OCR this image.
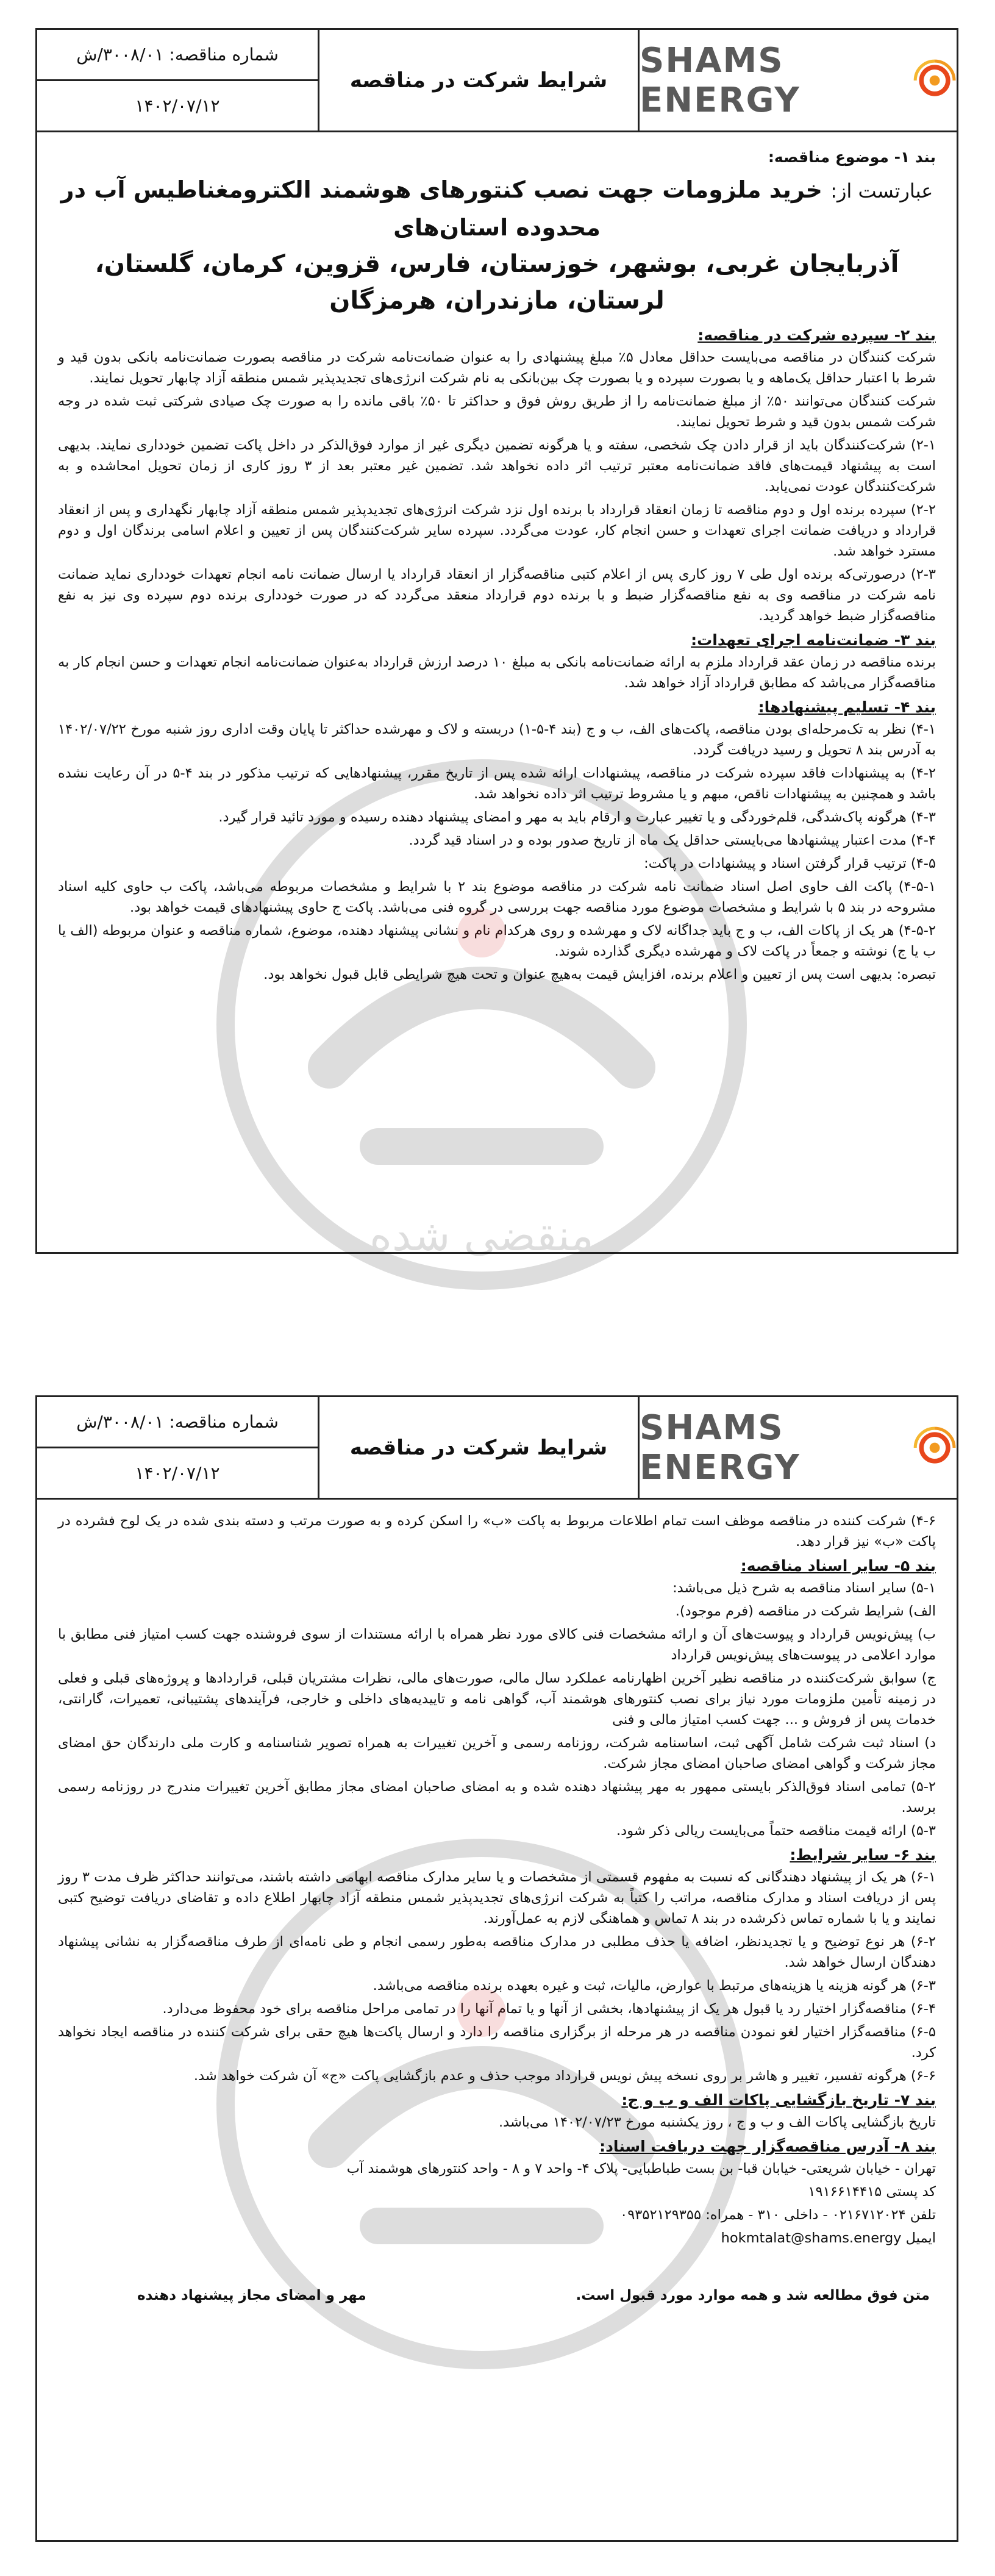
SHAMS ENERGY
شرایط شرکت در مناقصه
شماره مناقصه: ۳۰۰۸/۰۱/ش
۱۴۰۲/۰۷/۱۲
بند ۱- موضوع مناقصه:
عبارتست از: خرید ملزومات جهت نصب کنتورهای هوشمند الکترومغناطیس آب در محدوده استان‌های
آذربایجان غربی، بوشهر، خوزستان، فارس، قزوین، کرمان، گلستان، لرستان، مازندران، هرمزگان
بند ۲- سپرده شرکت در مناقصه:

شرکت کنندگان در مناقصه می‌بایست حداقل معادل ۵٪ مبلغ پیشنهادی را به عنوان ضمانت‌نامه شرکت در مناقصه بصورت ضمانت‌نامه بانکی بدون قید و شرط با اعتبار حداقل یک‌ماهه و یا بصورت سپرده و یا بصورت چک بین‌بانکی به نام شرکت انرژی‌های تجدیدپذیر شمس منطقه آزاد چابهار تحویل نمایند.

شرکت کنندگان می‌توانند ۵۰٪ از مبلغ ضمانت‌نامه را از طریق روش فوق و حداکثر تا ۵۰٪ باقی مانده را به صورت چک صیادی شرکتی ثبت شده در وجه شرکت شمس بدون قید و شرط تحویل نمایند.

۲-۱) شرکت‌کنندگان باید از قرار دادن چک شخصی، سفته و یا هرگونه تضمین دیگری غیر از موارد فوق‌الذکر در داخل پاکت تضمین خودداری نمایند. بدیهی است به پیشنهاد قیمت‌های فاقد ضمانت‌نامه معتبر ترتیب اثر داده نخواهد شد. تضمین غیر معتبر بعد از ۳ روز کاری از زمان تحویل امحاشده و به شرکت‌کنندگان عودت نمی‌یابد.

۲-۲) سپرده برنده اول و دوم مناقصه تا زمان انعقاد قرارداد با برنده اول نزد شرکت انرژی‌های تجدیدپذیر شمس منطقه آزاد چابهار نگهداری و پس از انعقاد قرارداد و دریافت ضمانت اجرای تعهدات و حسن انجام کار، عودت می‌گردد. سپرده سایر شرکت‌کنندگان پس از تعیین و اعلام اسامی برندگان اول و دوم مسترد خواهد شد.

۲-۳) درصورتی‌که برنده اول طی ۷ روز کاری پس از اعلام کتبی مناقصه‌گزار از انعقاد قرارداد یا ارسال ضمانت نامه انجام تعهدات خودداری نماید ضمانت نامه شرکت در مناقصه وی به نفع مناقصه‌گزار ضبط و با برنده دوم قرارداد منعقد می‌گردد که در صورت خودداری برنده دوم سپرده وی نیز به نفع مناقصه‌گزار ضبط خواهد گردید.

بند ۳- ضمانت‌نامه اجرای تعهدات:

برنده مناقصه در زمان عقد قرارداد ملزم به ارائه ضمانت‌نامه بانکی به مبلغ ۱۰ درصد ارزش قرارداد به‌عنوان ضمانت‌نامه انجام تعهدات و حسن انجام کار به مناقصه‌گزار می‌باشد که مطابق قرارداد آزاد خواهد شد.

بند ۴- تسلیم پیشنهادها:

۴-۱) نظر به تک‌مرحله‌ای بودن مناقصه، پاکت‌های الف، ب و ج (بند ۴-۵-۱) دربسته و لاک و مهرشده حداکثر تا پایان وقت اداری روز شنبه مورخ ۱۴۰۲/۰۷/۲۲ به آدرس بند ۸ تحویل و رسید دریافت گردد.

۴-۲) به پیشنهادات فاقد سپرده شرکت در مناقصه، پیشنهادات ارائه شده پس از تاریخ مقرر، پیشنهادهایی که ترتیب مذکور در بند ۴-۵ در آن رعایت نشده باشد و همچنین به پیشنهادات ناقص، مبهم و یا مشروط ترتیب اثر داده نخواهد شد.

۴-۳) هرگونه پاک‌شدگی، قلم‌خوردگی و یا تغییر عبارت و ارقام باید به مهر و امضای پیشنهاد دهنده رسیده و مورد تائید قرار گیرد.

۴-۴) مدت اعتبار پیشنهادها می‌بایستی حداقل یک ماه از تاریخ صدور بوده و در اسناد قید گردد.

۴-۵) ترتیب قرار گرفتن اسناد و پیشنهادات در پاکت:

۴-۵-۱) پاکت الف حاوی اصل اسناد ضمانت نامه شرکت در مناقصه موضوع بند ۲ با شرایط و مشخصات مربوطه می‌باشد، پاکت ب حاوی کلیه اسناد مشروحه در بند ۵ با شرایط و مشخصات موضوع مورد مناقصه جهت بررسی در گروه فنی می‌باشد. پاکت ج حاوی پیشنهادهای قیمت خواهد بود.

۴-۵-۲) هر یک از پاکات الف، ب و ج باید جداگانه لاک و مهرشده و روی هرکدام نام و نشانی پیشنهاد دهنده، موضوع، شماره مناقصه و عنوان مربوطه (الف یا ب یا ج) نوشته و جمعاً در پاکت لاک و مهرشده دیگری گذارده شوند.

تبصره: بدیهی است پس از تعیین و اعلام برنده، افزایش قیمت به‌هیچ عنوان و تحت هیچ شرایطی قابل قبول نخواهد بود.

SHAMS ENERGY
شرایط شرکت در مناقصه
شماره مناقصه: ۳۰۰۸/۰۱/ش
۱۴۰۲/۰۷/۱۲

۴-۶) شرکت کننده در مناقصه موظف است تمام اطلاعات مربوط به پاکت «ب» را اسکن کرده و به صورت مرتب و دسته بندی شده در یک لوح فشرده در پاکت «ب» نیز قرار دهد.

بند ۵- سایر اسناد مناقصه:

۵-۱) سایر اسناد مناقصه به شرح ذیل می‌باشد:

الف) شرایط شرکت در مناقصه (فرم موجود).

ب) پیش‌نویس قرارداد و پیوست‌های آن و ارائه مشخصات فنی کالای مورد نظر همراه با ارائه مستندات از سوی فروشنده جهت کسب امتیاز فنی مطابق با موارد اعلامی در پیوست‌های پیش‌نویس قرارداد

ج) سوابق شرکت‌کننده در مناقصه نظیر آخرین اظهارنامه عملکرد سال مالی، صورت‌های مالی، نظرات مشتریان قبلی، قراردادها و پروژه‌های قبلی و فعلی در زمینه تأمین ملزومات مورد نیاز برای نصب کنتورهای هوشمند آب، گواهی نامه و تاییدیه‌های داخلی و خارجی، فرآیندهای پشتیبانی، تعمیرات، گارانتی، خدمات پس از فروش و ... جهت کسب امتیاز مالی و فنی

د) اسناد ثبت شرکت شامل آگهی ثبت، اساسنامه شرکت، روزنامه رسمی و آخرین تغییرات به همراه تصویر شناسنامه و کارت ملی دارندگان حق امضای مجاز شرکت و گواهی امضای صاحبان امضای مجاز شرکت.

۵-۲) تمامی اسناد فوق‌الذکر بایستی ممهور به مهر پیشنهاد دهنده شده و به امضای صاحبان امضای مجاز مطابق آخرین تغییرات مندرج در روزنامه رسمی برسد.

۵-۳) ارائه قیمت مناقصه حتماً می‌بایست ریالی ذکر شود.

بند ۶- سایر شرایط:

۶-۱) هر یک از پیشنهاد دهندگانی که نسبت به مفهوم قسمتی از مشخصات و یا سایر مدارک مناقصه ابهامی داشته باشند، می‌توانند حداکثر ظرف مدت ۳ روز پس از دریافت اسناد و مدارک مناقصه، مراتب را کتباً به شرکت انرژی‌های تجدیدپذیر شمس منطقه آزاد چابهار اطلاع داده و تقاضای دریافت توضیح کتبی نمایند و یا با شماره تماس ذکرشده در بند ۸ تماس و هماهنگی لازم به عمل‌آورند.

۶-۲) هر نوع توضیح و یا تجدیدنظر، اضافه یا حذف مطلبی در مدارک مناقصه به‌طور رسمی انجام و طی نامه‌ای از طرف مناقصه‌گزار به نشانی پیشنهاد دهندگان ارسال خواهد شد.

۶-۳) هر گونه هزینه یا هزینه‌های مرتبط با عوارض، مالیات، ثبت و غیره بعهده برنده مناقصه می‌باشد.

۶-۴) مناقصه‌گزار اختیار رد یا قبول هر یک از پیشنهادها، بخشی از آنها و یا تمام آنها را در تمامی مراحل مناقصه برای خود محفوظ می‌دارد.

۶-۵) مناقصه‌گزار اختیار لغو نمودن مناقصه در هر مرحله از برگزاری مناقصه را دارد و ارسال پاکت‌ها هیچ حقی برای شرکت کننده در مناقصه ایجاد نخواهد کرد.

۶-۶) هرگونه تفسیر، تغییر و هاشر بر روی نسخه پیش نویس قرارداد موجب حذف و عدم بازگشایی پاکت «ج» آن شرکت خواهد شد.

بند ۷- تاریخ بازگشایی پاکات الف و ب و ج:

تاریخ بازگشایی پاکات الف و ب و ج ، روز یکشنبه مورخ ۱۴۰۲/۰۷/۲۳ می‌باشد.

بند ۸- آدرس مناقصه‌گزار جهت دریافت اسناد:

تهران - خیابان شریعتی- خیابان قبا- بن بست طباطبایی- پلاک ۴- واحد ۷ و ۸ - واحد کنتورهای هوشمند آب

کد پستی ۱۹۱۶۶۱۴۴۱۵

تلفن ۰۲۱۶۷۱۲۰۲۴ - داخلی ۳۱۰ - همراه: ۰۹۳۵۲۱۲۹۳۵۵

ایمیل hokmtalat@shams.energy

متن فوق مطالعه شد و همه موارد مورد قبول است.
مهر و امضای مجاز پیشنهاد دهنده
